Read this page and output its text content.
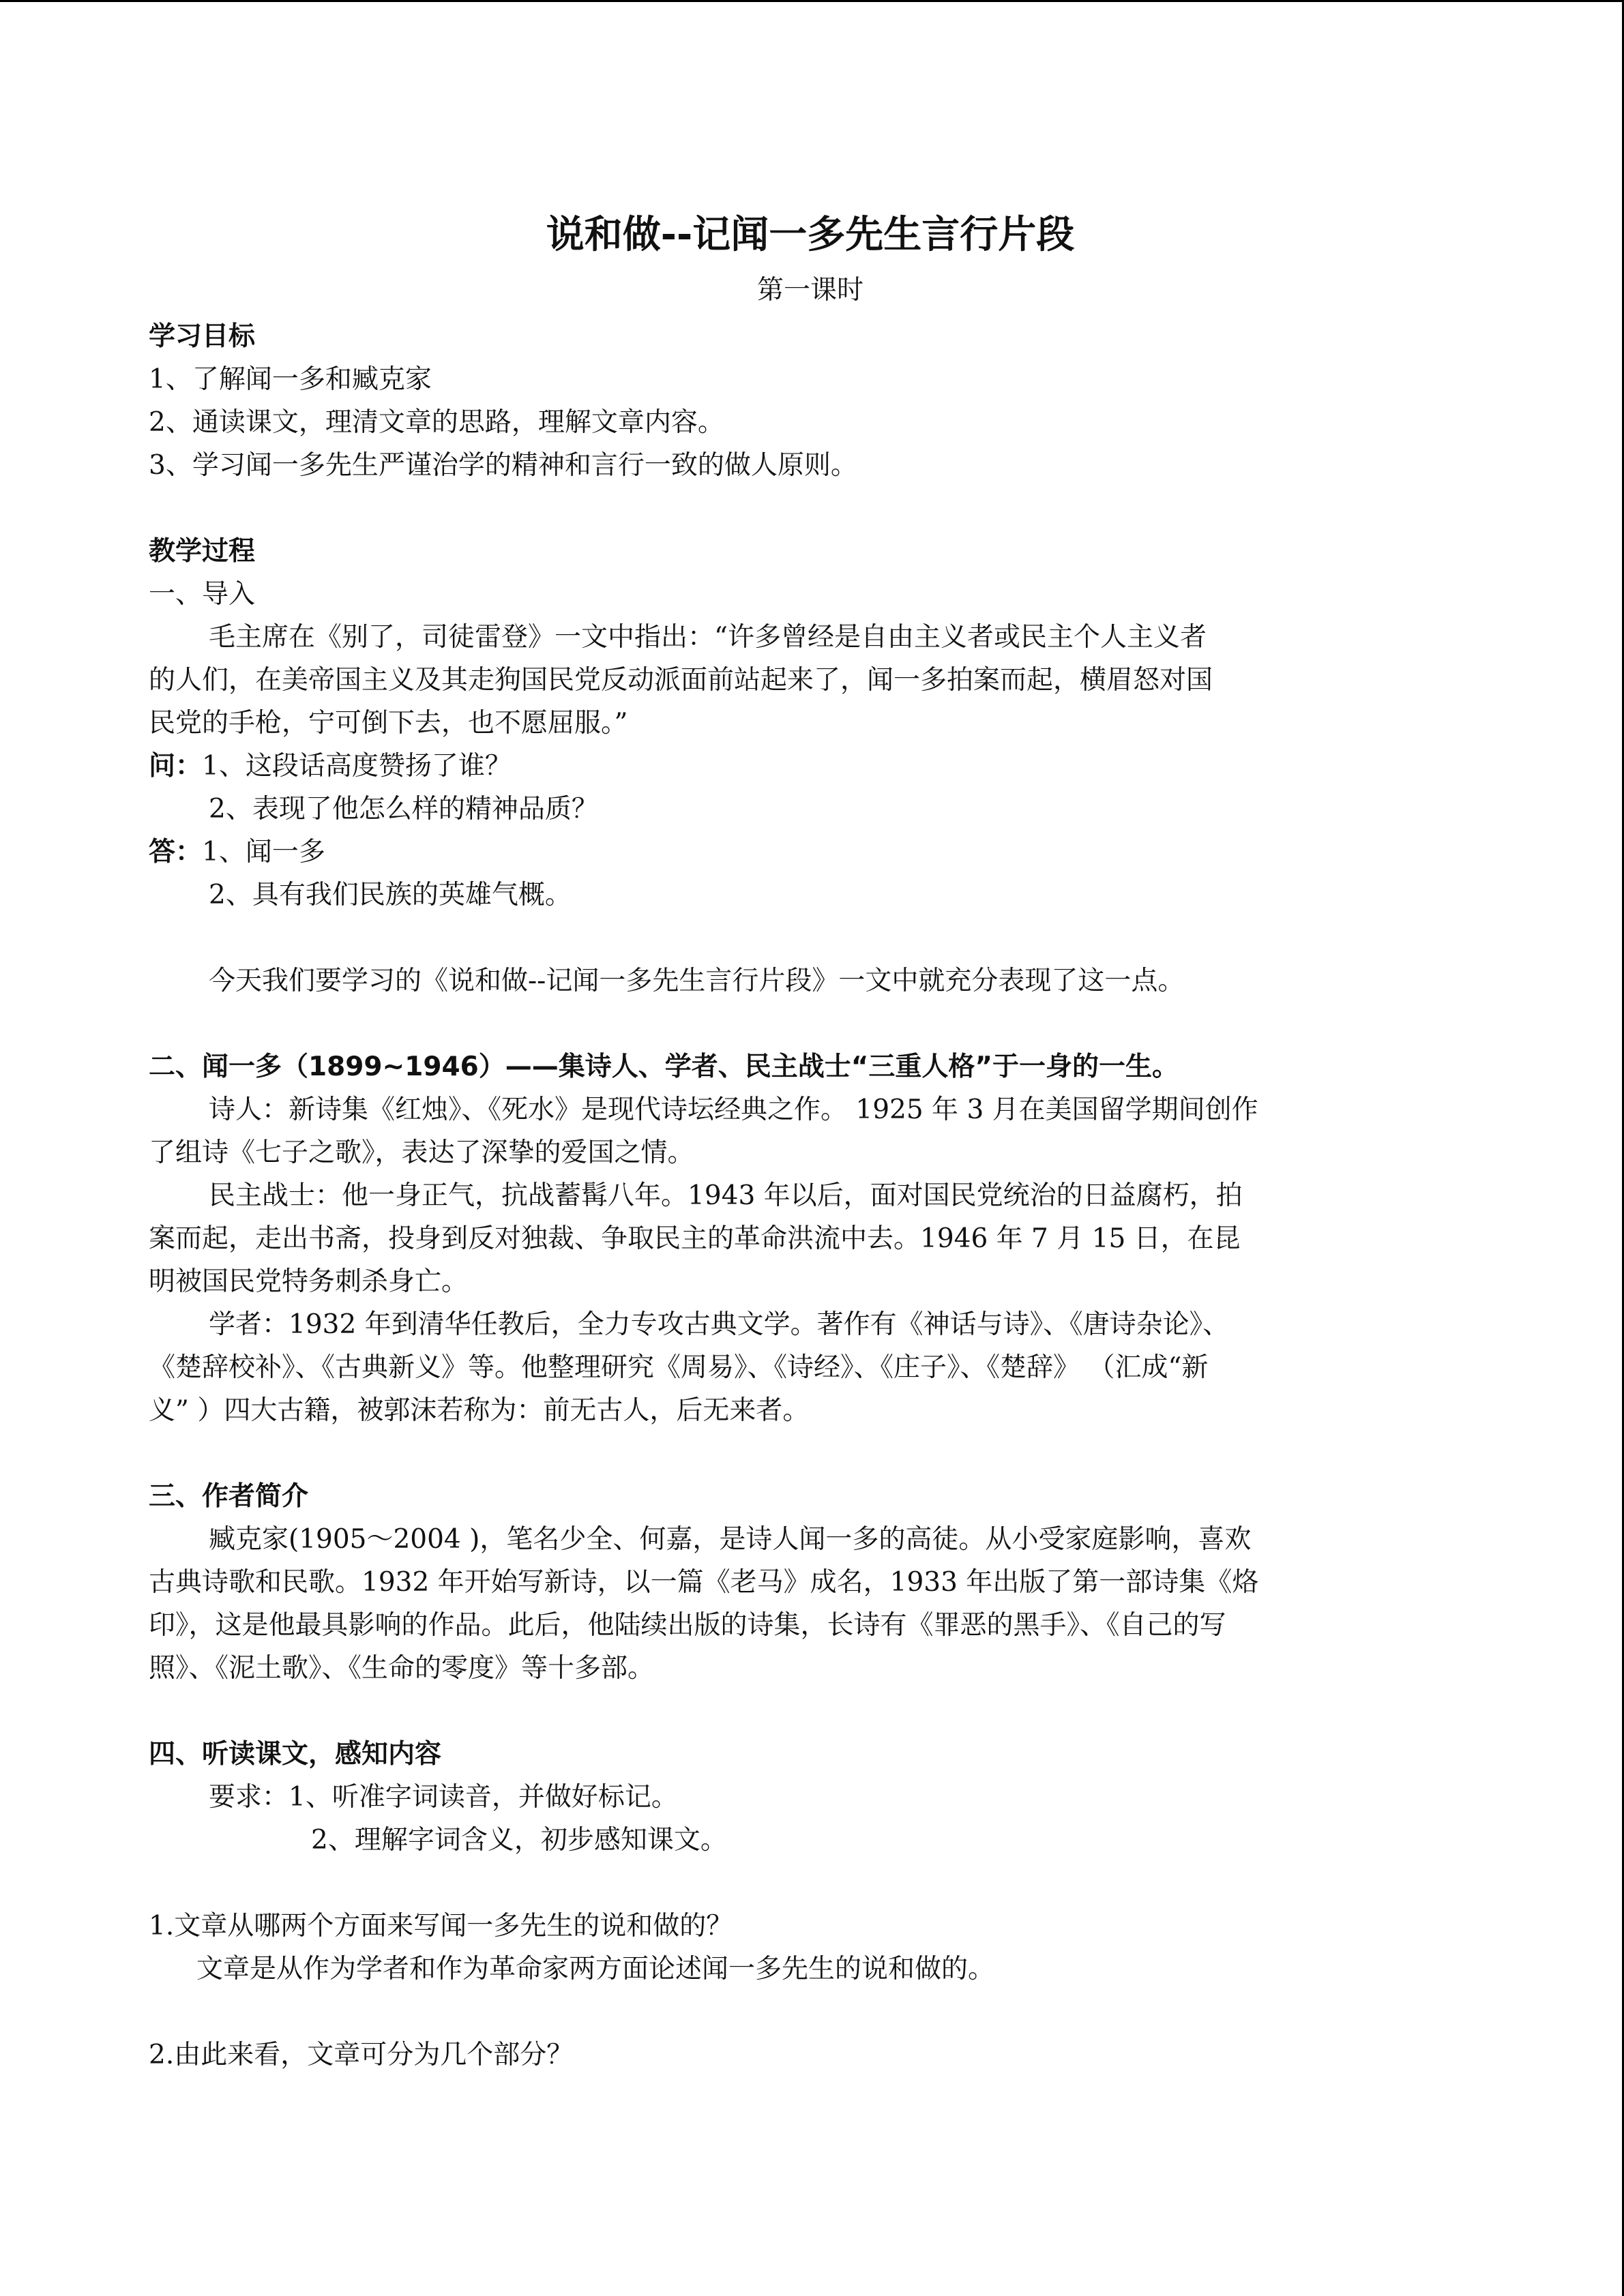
说和做--记闻一多先生言行片段
第一课时
学习目标
1、了解闻一多和臧克家
2、通读课文，理清文章的思路，理解文章内容。
3、学习闻一多先生严谨治学的精神和言行一致的做人原则。
教学过程
一、导入
毛主席在《别了，司徒雷登》一文中指出：“许多曾经是自由主义者或民主个人主义者
的人们，在美帝国主义及其走狗国民党反动派面前站起来了，闻一多拍案而起，横眉怒对国
民党的手枪，宁可倒下去，也不愿屈服。”
问：1、这段话高度赞扬了谁？
2、表现了他怎么样的精神品质？
答：1、闻一多
2、具有我们民族的英雄气概。
今天我们要学习的《说和做--记闻一多先生言行片段》一文中就充分表现了这一点。
二、闻一多（1899~1946）——集诗人、学者、民主战士“三重人格”于一身的一生。
诗人：新诗集《红烛》、《死水》是现代诗坛经典之作。 1925 年 3 月在美国留学期间创作
了组诗《七子之歌》，表达了深挚的爱国之情。
民主战士：他一身正气，抗战蓄髯八年。1943 年以后，面对国民党统治的日益腐朽，拍
案而起，走出书斋，投身到反对独裁、争取民主的革命洪流中去。1946 年 7 月 15 日，在昆
明被国民党特务刺杀身亡。
学者：1932 年到清华任教后，全力专攻古典文学。著作有《神话与诗》、《唐诗杂论》、
《楚辞校补》、《古典新义》等。他整理研究《周易》、《诗经》、《庄子》、《楚辞》 （汇成“新
义” ）四大古籍，被郭沫若称为：前无古人，后无来者。
三、作者简介
臧克家(1905～2004 )，笔名少全、何嘉，是诗人闻一多的高徒。从小受家庭影响，喜欢
古典诗歌和民歌。1932 年开始写新诗，以一篇《老马》成名，1933 年出版了第一部诗集《烙
印》，这是他最具影响的作品。此后，他陆续出版的诗集，长诗有《罪恶的黑手》、《自己的写
照》、《泥土歌》、《生命的零度》等十多部。
四、听读课文，感知内容
要求：1、听准字词读音，并做好标记。
2、理解字词含义，初步感知课文。
1.文章从哪两个方面来写闻一多先生的说和做的？
文章是从作为学者和作为革命家两方面论述闻一多先生的说和做的。
2.由此来看，文章可分为几个部分？
